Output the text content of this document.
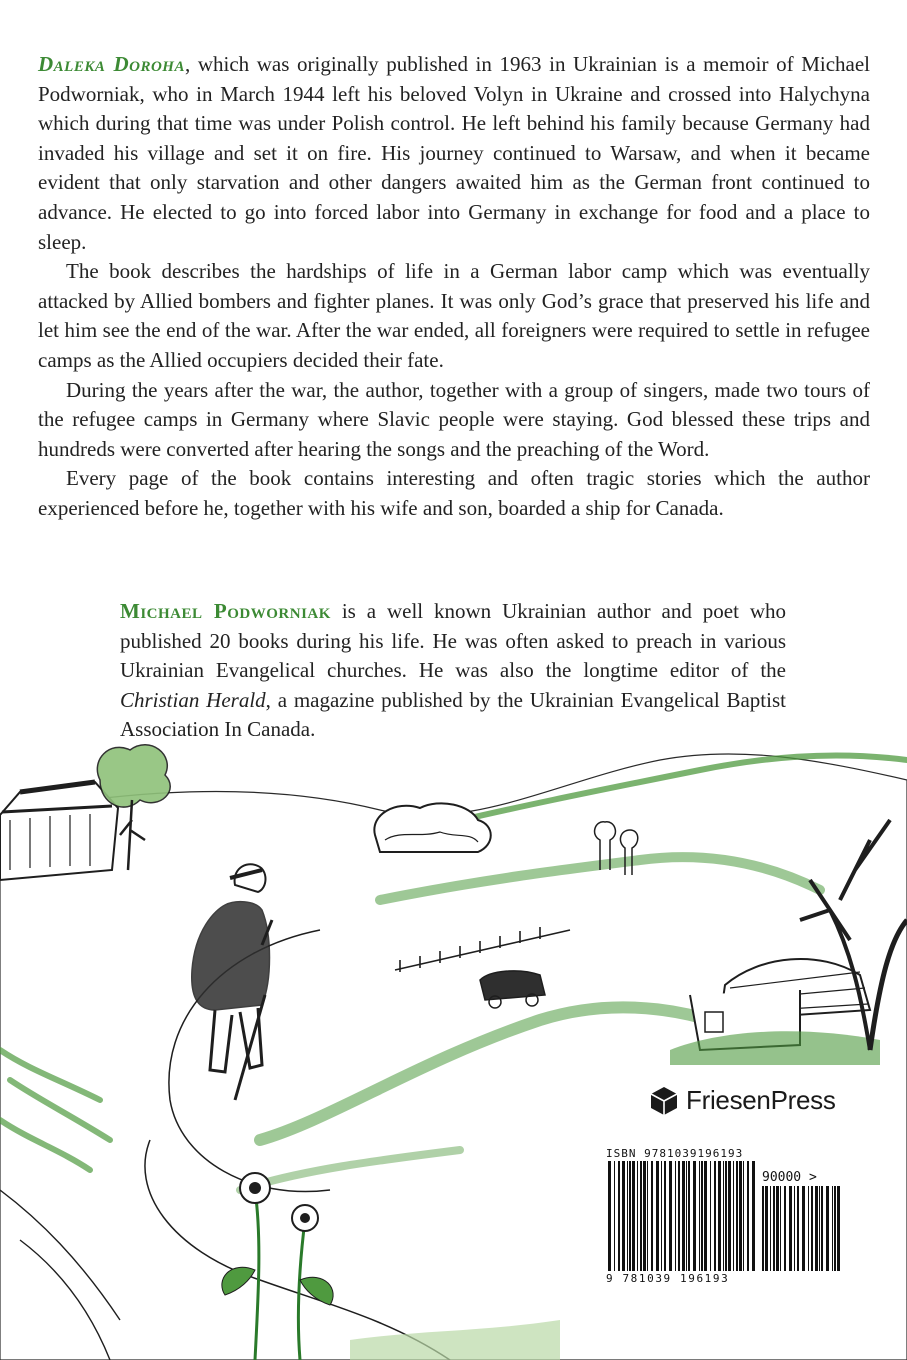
Daleka Doroha, which was originally published in 1963 in Ukrainian is a memoir of Michael Podworniak, who in March 1944 left his beloved Volyn in Ukraine and crossed into Halychyna which during that time was under Polish control. He left behind his family because Germany had invaded his village and set it on fire. His journey continued to Warsaw, and when it became evident that only starvation and other dangers awaited him as the German front continued to advance. He elected to go into forced labor into Germany in exchange for food and a place to sleep.

The book describes the hardships of life in a German labor camp which was eventually attacked by Allied bombers and fighter planes. It was only God’s grace that preserved his life and let him see the end of the war. After the war ended, all foreigners were required to settle in refugee camps as the Allied occupiers decided their fate.

During the years after the war, the author, together with a group of singers, made two tours of the refugee camps in Germany where Slavic people were staying. God blessed these trips and hundreds were converted after hearing the songs and the preaching of the Word.

Every page of the book contains interesting and often tragic stories which the author experienced before he, together with his wife and son, boarded a ship for Canada.

Michael Podworniak is a well known Ukrainian author and poet who published 20 books during his life. He was often asked to preach in various Ukrainian Evangelical churches. He was also the longtime editor of the Christian Herald, a magazine published by the Ukrainian Evangelical Baptist Association In Canada.

FriesenPress
ISBN 9781039196193
90000 >
9 781039 196193
